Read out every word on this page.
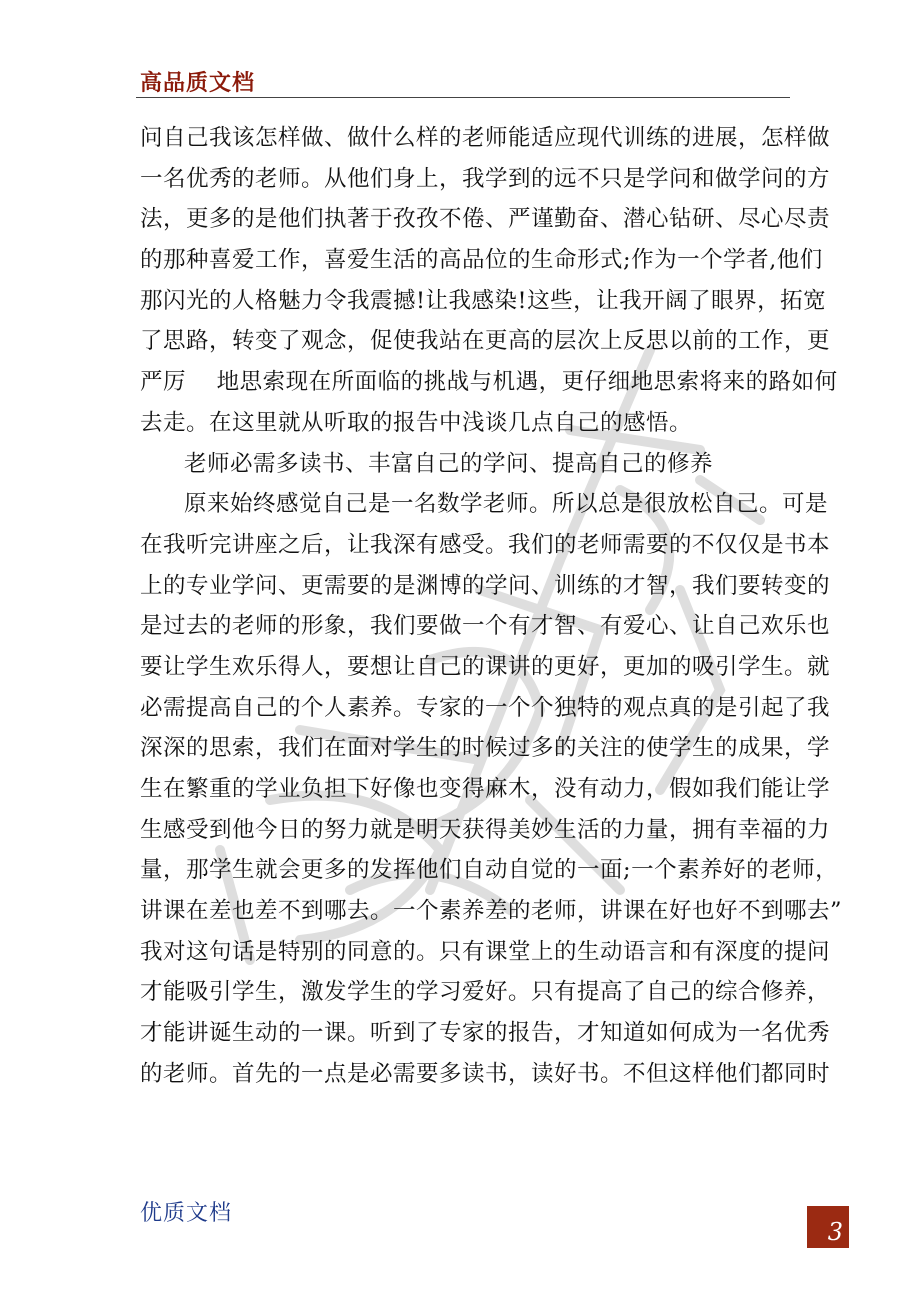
高品质文档
问自己我该怎样做、做什么样的老师能适应现代训练的进展，怎样做
一名优秀的老师。从他们身上，我学到的远不只是学问和做学问的方
法，更多的是他们执著于孜孜不倦、严谨勤奋、潜心钻研、尽心尽责
的那种喜爱工作，喜爱生活的高品位的生命形式;作为一个学者,他们
那闪光的人格魅力令我震撼!让我感染!这些，让我开阔了眼界，拓宽
了思路，转变了观念，促使我站在更高的层次上反思以前的工作，更
严厉    地思索现在所面临的挑战与机遇，更仔细地思索将来的路如何
去走。在这里就从听取的报告中浅谈几点自己的感悟。
老师必需多读书、丰富自己的学问、提高自己的修养
原来始终感觉自己是一名数学老师。所以总是很放松自己。可是
在我听完讲座之后，让我深有感受。我们的老师需要的不仅仅是书本
上的专业学问、更需要的是渊博的学问、训练的才智，我们要转变的
是过去的老师的形象，我们要做一个有才智、有爱心、让自己欢乐也
要让学生欢乐得人，要想让自己的课讲的更好，更加的吸引学生。就
必需提高自己的个人素养。专家的一个个独特的观点真的是引起了我
深深的思索，我们在面对学生的时候过多的关注的使学生的成果，学
生在繁重的学业负担下好像也变得麻木，没有动力，假如我们能让学
生感受到他今日的努力就是明天获得美妙生活的力量，拥有幸福的力
量，那学生就会更多的发挥他们自动自觉的一面;一个素养好的老师，
讲课在差也差不到哪去。一个素养差的老师，讲课在好也好不到哪去”
我对这句话是特别的同意的。只有课堂上的生动语言和有深度的提问
才能吸引学生，激发学生的学习爱好。只有提高了自己的综合修养，
才能讲诞生动的一课。听到了专家的报告，才知道如何成为一名优秀
的老师。首先的一点是必需要多读书，读好书。不但这样他们都同时
优质文档
3
